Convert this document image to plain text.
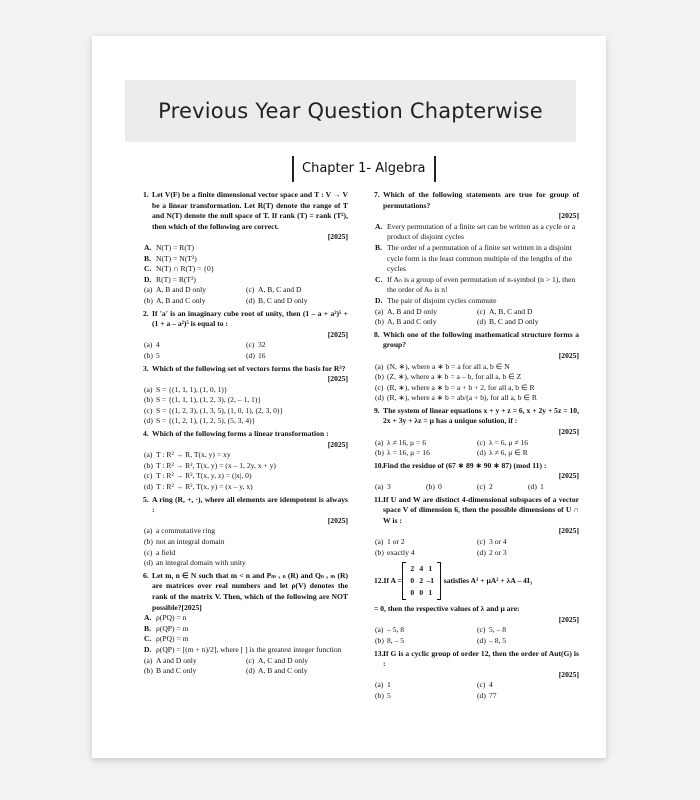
Previous Year Question Chapterwise
Chapter 1- Algebra
1. Let V(F) be a finite dimensional vector space and T : V → V be a linear transformation. Let R(T) denote the range of T and N(T) denote the null space of T. If rank (T) = rank (T²), then which of the following are correct.
[2025]
A. N(T) = R(T)
B. N(T) = N(T²)
C. N(T) ∩ R(T) = {0}
D. R(T) = R(T²)
(a) A, B and D only	(c) A, B, C and D
(b) A, B and C only	(d) B, C and D only
2. If 'a' is an imaginary cube root of unity, then (1 – a + a²)⁵ + (1 + a – a²)⁵ is equal to :
[2025]
(a) 4	(c) 32
(b) 5	(d) 16
3. Which of the following set of vectors forms the basis for R³?
[2025]
(a) S = {(1, 1, 1), (1, 0, 1)}
(b) S = {(1, 1, 1), (1, 2, 3), (2, – 1, 1)}
(c) S = {(1, 2, 3), (1, 3, 5), (1, 0, 1), (2, 3, 0)}
(d) S = {(1, 2, 1), (1, 2, 5), (5, 3, 4)}
4. Which of the following forms a linear transformation :
[2025]
(a) T : R² → R, T(x, y) = xy
(b) T : R² → R², T(x, y) = (x – 1, 2y, x + y)
(c) T : R² → R², T(x, y, z) = (|x|, 0)
(d) T : R² → R², T(x, y) = (x – y, x)
5. A ring (R, +, ·), where all elements are idempotent is always :
[2025]
(a) a commutative ring
(b) not an integral domain
(c) a field
(d) an integral domain with unity
6. Let m, n ∈ N such that m < n and Pₘ ₓ ₙ (R) and Qₙ ₓ ₘ (R) are matrices over real numbers and let ρ(V) denotes the rank of the matrix V. Then, which of the following are NOT possible?[2025]
A. ρ(PQ) = n
B. ρ(QP) = m
C. ρ(PQ) = m
D. ρ(QP) = [(m + n)/2], where [ ] is the greatest integer function
(a) A and D only	(c) A, C and D only
(b) B and C only	(d) A, B and C only
7. Which of the following statements are true for group of permutations?
[2025]
A. Every permutation of a finite set can be written as a cycle or a product of disjoint cycles
B. The order of a permutation of a finite set written in a disjoint cycle form is the least common multiple of the lengths of the cycles
C. If Aₙ is a group of even permutation of n-symbol (n > 1), then the order of Aₙ is n!
D. The pair of disjoint cycles commute
(a) A, B and D only	(c) A, B, C and D
(b) A, B and C only	(d) B, C and D only
8. Which one of the following mathematical structure forms a group?
[2025]
(a) (N, ∗), where a ∗ b = a for all a, b ∈ N
(b) (Z, ∗), where a ∗ b = a – b, for all a, b ∈ Z
(c) (R, ∗), where a ∗ b = a + b + 2, for all a, b ∈ R
(d) (R, ∗), where a ∗ b = ab/(a + b), for all a, b ∈ R
9. The system of linear equations x + y + z = 6, x + 2y + 5z = 10, 2x + 3y + λz = μ has a unique solution, if :
[2025]
(a) λ ≠ 16, μ = 6	(c) λ = 6, μ ≠ 16
(b) λ = 16, μ = 16	(d) λ ≠ 6, μ ∈ R
10. Find the residue of (67 ∗ 89 ∗ 90 ∗ 87) (mod 11) :
[2025]
(a) 3	(b) 0	(c) 2	(d) 1
11. If U and W are distinct 4-dimensional subspaces of a vector space V of dimension 6, then the possible dimensions of U ∩ W is :
[2025]
(a) 1 or 2	(c) 3 or 4
(b) exactly 4	(d) 2 or 3
12. If A =
2 4 1
0 2 –1
0 0 1
satisfies A³ + μA² + λA – 4I₃
= 0, then the respective values of λ and μ are:
[2025]
(a) – 5, 8	(c) 5, – 8
(b) 8, – 5	(d) – 8, 5
13. If G is a cyclic group of order 12, then the order of Aut(G) is :
[2025]
(a) 1	(c) 4
(b) 5	(d) 77
